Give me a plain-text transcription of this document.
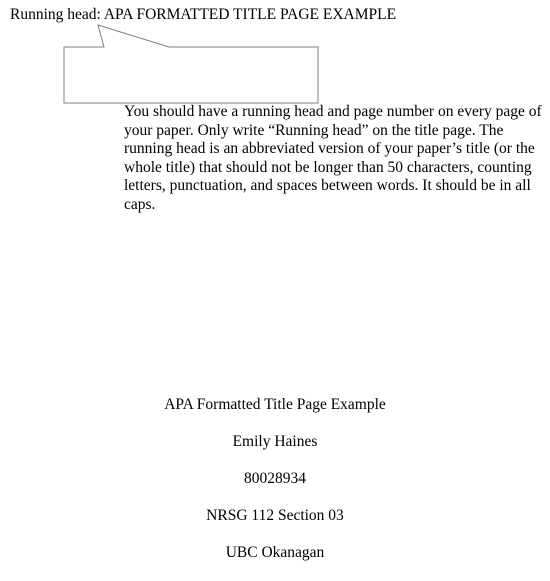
Running head: APA FORMATTED TITLE PAGE EXAMPLE
You should have a running head and page number on every page of your paper. Only write “Running head” on the title page. The running head is an abbreviated version of your paper’s title (or the whole title) that should not be longer than 50 characters, counting letters, punctuation, and spaces between words. It should be in all caps.
APA Formatted Title Page Example
Emily Haines
80028934
NRSG 112 Section 03
UBC Okanagan
